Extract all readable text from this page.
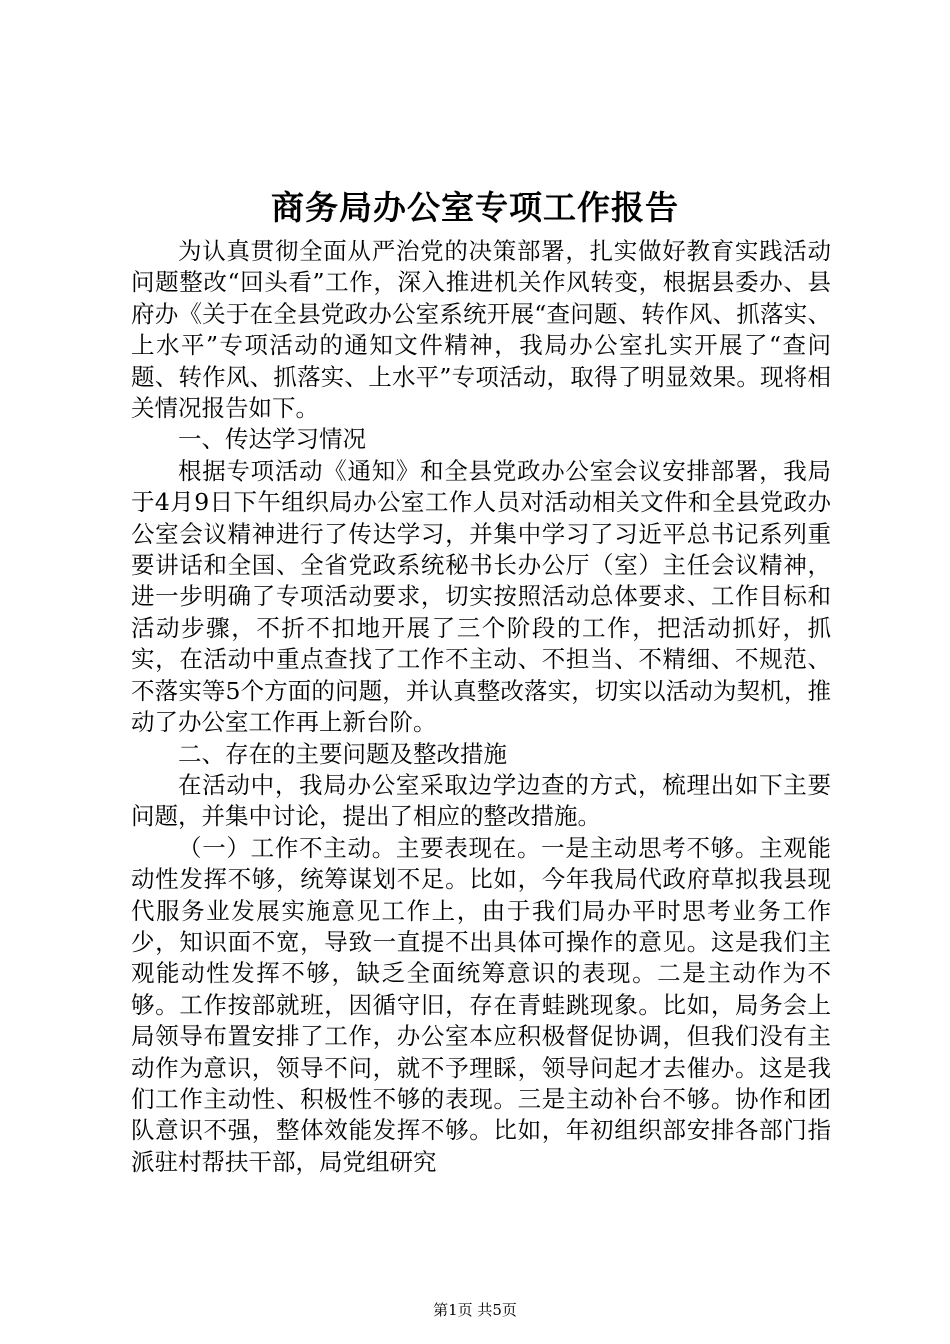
商务局办公室专项工作报告

为认真贯彻全面从严治党的决策部署，扎实做好教育实践活动问题整改“回头看”工作，深入推进机关作风转变，根据县委办、县府办《关于在全县党政办公室系统开展“查问题、转作风、抓落实、上水平”专项活动的通知文件精神，我局办公室扎实开展了“查问题、转作风、抓落实、上水平”专项活动，取得了明显效果。现将相关情况报告如下。

一、传达学习情况

根据专项活动《通知》和全县党政办公室会议安排部署，我局于4月9日下午组织局办公室工作人员对活动相关文件和全县党政办公室会议精神进行了传达学习，并集中学习了习近平总书记系列重要讲话和全国、全省党政系统秘书长办公厅（室）主任会议精神，进一步明确了专项活动要求，切实按照活动总体要求、工作目标和活动步骤，不折不扣地开展了三个阶段的工作，把活动抓好，抓实，在活动中重点查找了工作不主动、不担当、不精细、不规范、不落实等5个方面的问题，并认真整改落实，切实以活动为契机，推动了办公室工作再上新台阶。

二、存在的主要问题及整改措施

在活动中，我局办公室采取边学边查的方式，梳理出如下主要问题，并集中讨论，提出了相应的整改措施。

（一）工作不主动。主要表现在。一是主动思考不够。主观能动性发挥不够，统筹谋划不足。比如，今年我局代政府草拟我县现代服务业发展实施意见工作上，由于我们局办平时思考业务工作少，知识面不宽，导致一直提不出具体可操作的意见。这是我们主观能动性发挥不够，缺乏全面统筹意识的表现。二是主动作为不够。工作按部就班，因循守旧，存在青蛙跳现象。比如，局务会上局领导布置安排了工作，办公室本应积极督促协调，但我们没有主动作为意识，领导不问，就不予理睬，领导问起才去催办。这是我们工作主动性、积极性不够的表现。三是主动补台不够。协作和团队意识不强，整体效能发挥不够。比如，年初组织部安排各部门指派驻村帮扶干部，局党组研究

第1页 共5页
